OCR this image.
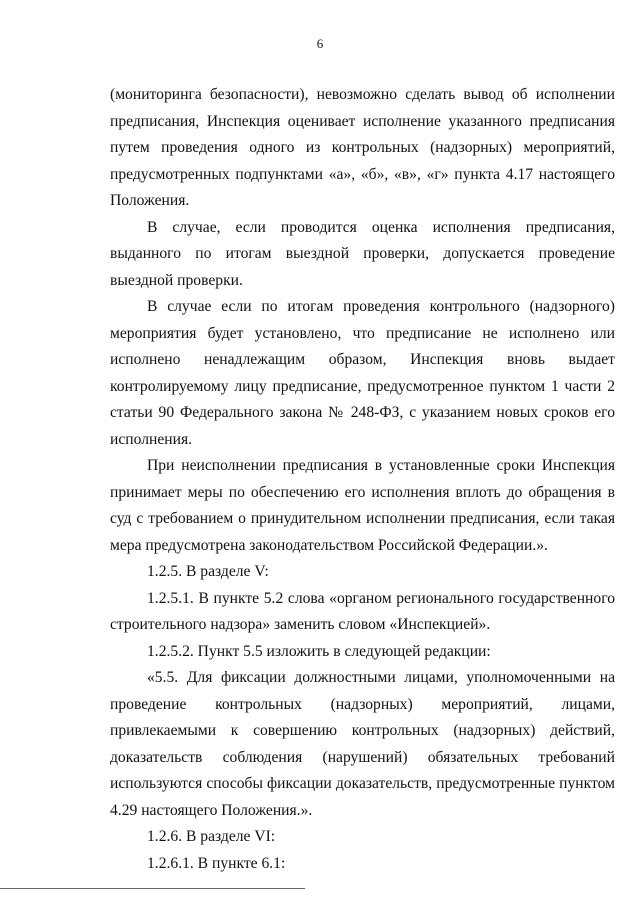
6

(мониторинга безопасности), невозможно сделать вывод об исполнении предписания, Инспекция оценивает исполнение указанного предписания путем проведения одного из контрольных (надзорных) мероприятий, предусмотренных подпунктами «а», «б», «в», «г» пункта 4.17 настоящего Положения.

В случае, если проводится оценка исполнения предписания, выданного по итогам выездной проверки, допускается проведение выездной проверки.

В случае если по итогам проведения контрольного (надзорного) мероприятия будет установлено, что предписание не исполнено или исполнено ненадлежащим образом, Инспекция вновь выдает контролируемому лицу предписание, предусмотренное пунктом 1 части 2 статьи 90 Федерального закона № 248-ФЗ, с указанием новых сроков его исполнения.

При неисполнении предписания в установленные сроки Инспекция принимает меры по обеспечению его исполнения вплоть до обращения в суд с требованием о принудительном исполнении предписания, если такая мера предусмотрена законодательством Российской Федерации.».

1.2.5. В разделе V:

1.2.5.1. В пункте 5.2 слова «органом регионального государственного строительного надзора» заменить словом «Инспекцией».

1.2.5.2. Пункт 5.5 изложить в следующей редакции:

«5.5. Для фиксации должностными лицами, уполномоченными на проведение контрольных (надзорных) мероприятий, лицами, привлекаемыми к совершению контрольных (надзорных) действий, доказательств соблюдения (нарушений) обязательных требований используются способы фиксации доказательств, предусмотренные пунктом 4.29 настоящего Положения.».

1.2.6. В разделе VI:

1.2.6.1. В пункте 6.1:
